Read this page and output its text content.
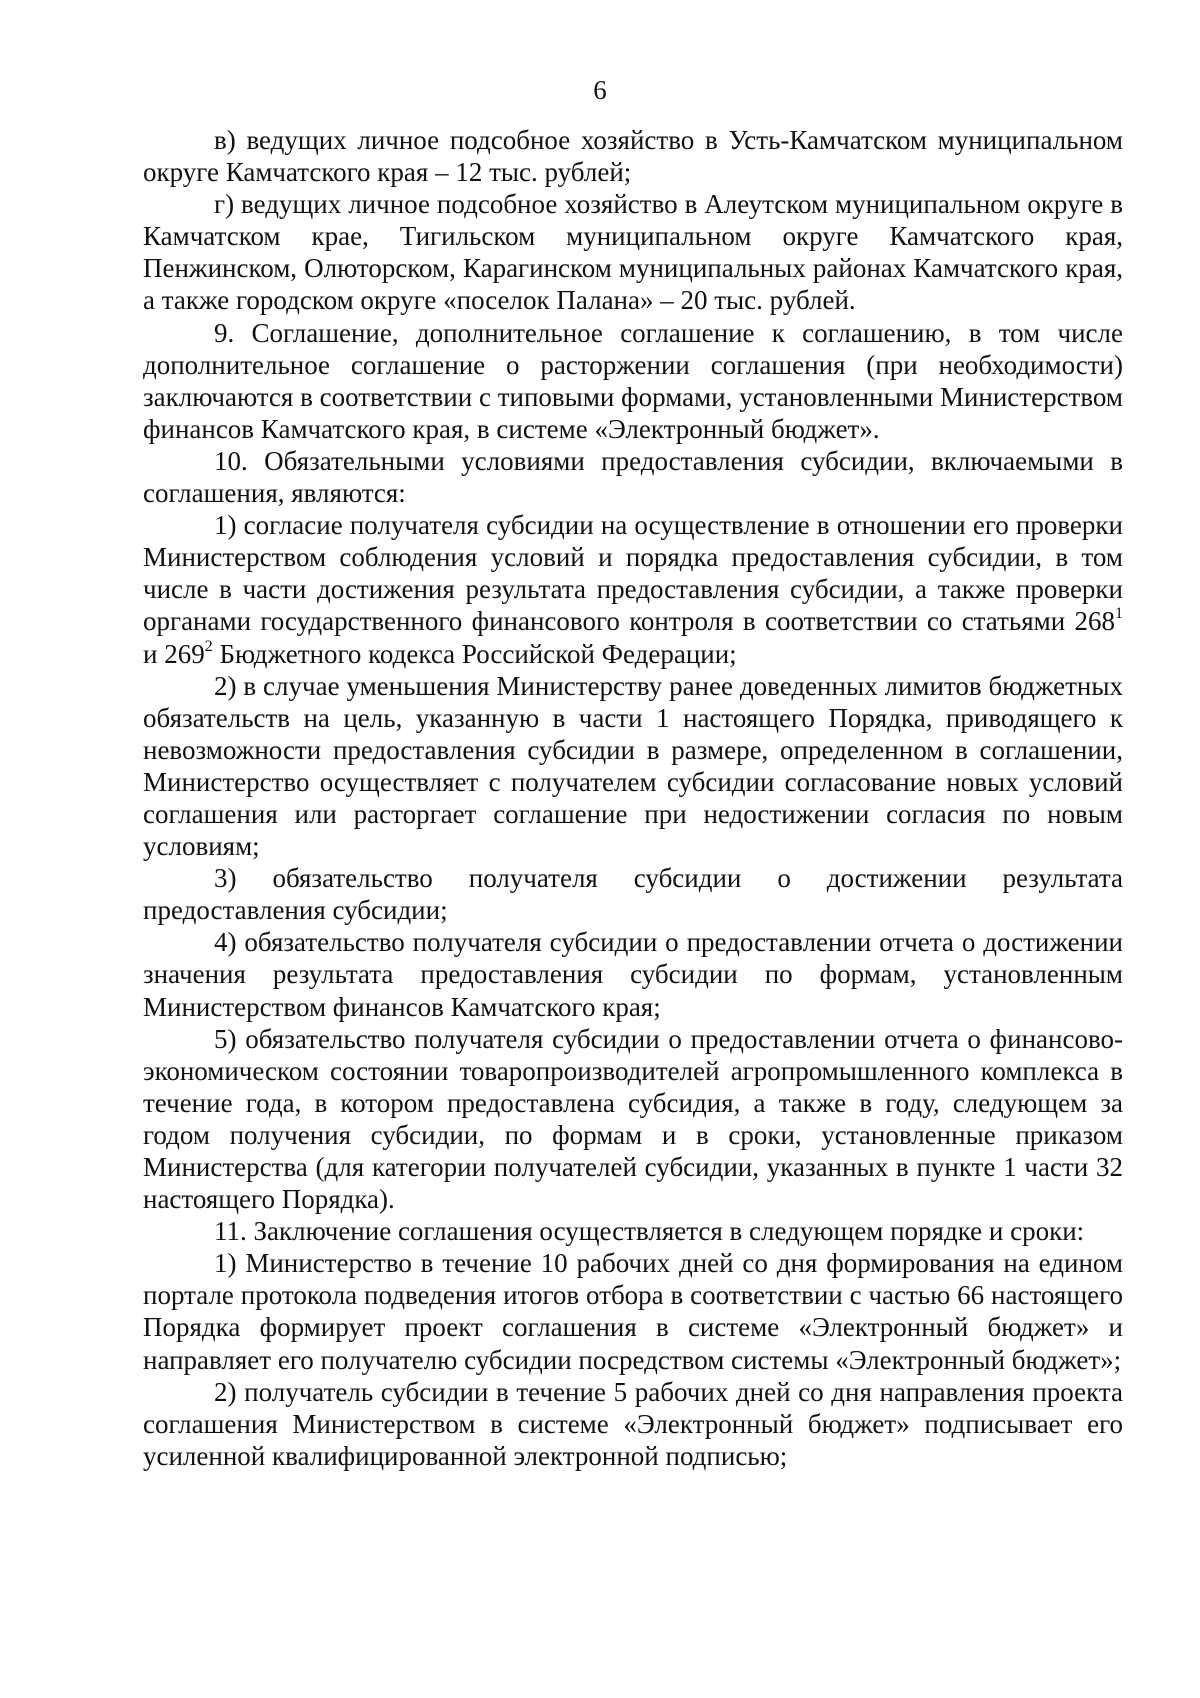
6

в) ведущих личное подсобное хозяйство в Усть-Камчатском муниципальном округе Камчатского края – 12 тыс. рублей;

г) ведущих личное подсобное хозяйство в Алеутском муниципальном округе в Камчатском крае, Тигильском муниципальном округе Камчатского края, Пенжинском, Олюторском, Карагинском муниципальных районах Камчатского края, а также городском округе «поселок Палана» – 20 тыс. рублей.

9. Соглашение, дополнительное соглашение к соглашению, в том числе дополнительное соглашение о расторжении соглашения (при необходимости) заключаются в соответствии с типовыми формами, установленными Министерством финансов Камчатского края, в системе «Электронный бюджет».

10. Обязательными условиями предоставления субсидии, включаемыми в соглашения, являются:

1) согласие получателя субсидии на осуществление в отношении его проверки Министерством соблюдения условий и порядка предоставления субсидии, в том числе в части достижения результата предоставления субсидии, а также проверки органами государственного финансового контроля в соответствии со статьями $268^1$ и $269^2$ Бюджетного кодекса Российской Федерации;

2) в случае уменьшения Министерству ранее доведенных лимитов бюджетных обязательств на цель, указанную в части 1 настоящего Порядка, приводящего к невозможности предоставления субсидии в размере, определенном в соглашении, Министерство осуществляет с получателем субсидии согласование новых условий соглашения или расторгает соглашение при недостижении согласия по новым условиям;

3) обязательство получателя субсидии о достижении результата предоставления субсидии;

4) обязательство получателя субсидии о предоставлении отчета о достижении значения результата предоставления субсидии по формам, установленным Министерством финансов Камчатского края;

5) обязательство получателя субсидии о предоставлении отчета о финансово-экономическом состоянии товаропроизводителей агропромышленного комплекса в течение года, в котором предоставлена субсидия, а также в году, следующем за годом получения субсидии, по формам и в сроки, установленные приказом Министерства (для категории получателей субсидии, указанных в пункте 1 части 32 настоящего Порядка).

11. Заключение соглашения осуществляется в следующем порядке и сроки:

1) Министерство в течение 10 рабочих дней со дня формирования на едином портале протокола подведения итогов отбора в соответствии с частью 66 настоящего Порядка формирует проект соглашения в системе «Электронный бюджет» и направляет его получателю субсидии посредством системы «Электронный бюджет»;

2) получатель субсидии в течение 5 рабочих дней со дня направления проекта соглашения Министерством в системе «Электронный бюджет» подписывает его усиленной квалифицированной электронной подписью;
